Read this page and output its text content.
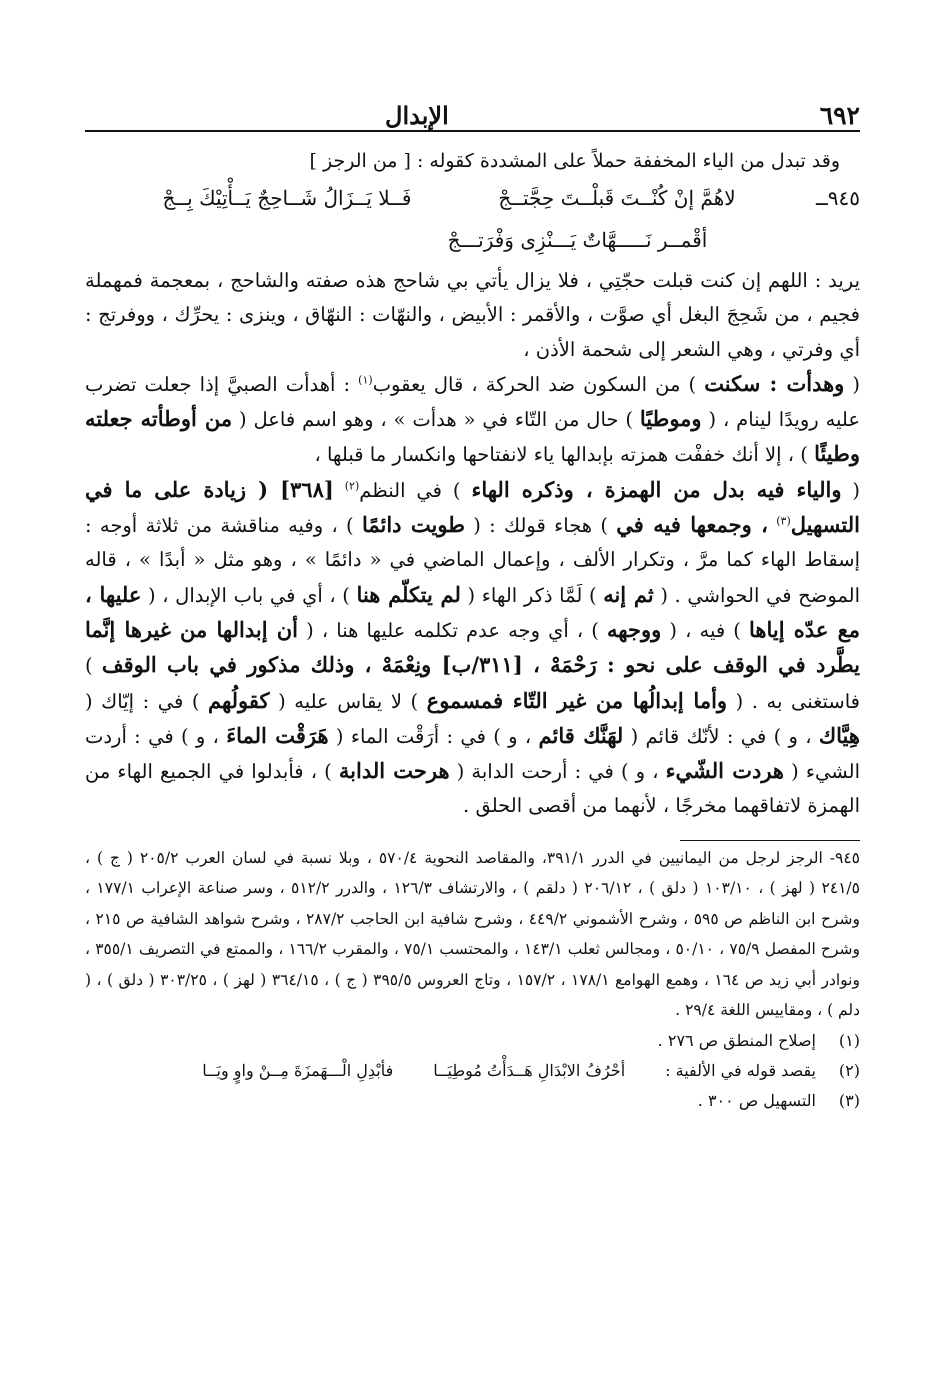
٦٩٢
الإبدال
وقد تبدل من الياء المخففة حملاً على المشددة كقوله : [ من الرجز ]
٩٤٥ــ
لاهُمَّ إنْ كُنْــتَ قَبلْــتَ حِجَّتــجْ
فَــلا يَــزَالُ شَــاحِجٌ يَــأْتِيْكَ بِــجْ
أقْمــر نَـــــهَّاتٌ يَـــنْزِى وَفْرَتـــجْ

يريد : اللهم إن كنت قبلت حجّتِي ، فلا يزال يأتي بي شاحج هذه صفته والشاحج ، بمعجمة فمهملة فجيم ، من شَحِجَ البغل أي صوَّت ، والأقمر : الأبيض ، والنهّات : النهّاق ، وينزى : يحرِّك ، ووفرتج : أي وفرتي ، وهي الشعر إلى شحمة الأذن ،

( وهدأت : سكنت ) من السكون ضد الحركة ، قال يعقوب$^{(١)}$ : أهدأت الصبيَّ إذا جعلت تضرب عليه رويدًا لينام ، ( وموطيًا ) حال من التّاء في « هدأت » ، وهو اسم فاعل ( من أوطأته جعلته وطيئًا ) ، إلا أنك خففْت همزته بإبدالها ياء لانفتاحها وانكسار ما قبلها ،

( والياء فيه بدل من الهمزة ، وذكره الهاء ) في النظم$^{(٢)}$ [٣٦٨] ( زيادة على ما في التسهيل$^{(٣)}$ ، وجمعها فيه في ) هجاء قولك : ( طويت دائمًا ) ، وفيه مناقشة من ثلاثة أوجه : إسقاط الهاء كما مرَّ ، وتكرار الألف ، وإعمال الماضي في « دائمًا » ، وهو مثل « أبدًا » ، قاله الموضح في الحواشي . ( ثم إنه ) لَمَّا ذكر الهاء ( لم يتكلّم هنا ) ، أي في باب الإبدال ، ( عليها ، مع عدّه إياها ) فيه ، ( ووجهه ) ، أي وجه عدم تكلمه عليها هنا ، ( أن إبدالها من غيرها إنَّما يطَّرد في الوقف على نحو : رَحْمَهْ ، [٣١١/ب] ونِعْمَهْ ، وذلك مذكور في باب الوقف ) فاستغنى به . ( وأما إبدالُها من غير التّاء فمسموع ) لا يقاس عليه ( كقولُهم ) في : إيّاك ( هِيَّاك ، و ) في : لأنّك قائم ( لهَنَّك قائم ، و ) في : أرَقْت الماء ( هَرَقْت الماءَ ، و ) في : أردت الشيء ( هردت الشّيء ، و ) في : أرحت الدابة ( هرحت الدابة ) ، فأبدلوا في الجميع الهاء من الهمزة لاتفاقهما مخرجًا ، لأنهما من أقصى الحلق .

٩٤٥- الرجز لرجل من اليمانيين في الدرر ٣٩١/١، والمقاصد النحوية ٥٧٠/٤ ، وبلا نسبة في لسان العرب ٢٠٥/٢ ( ج ) ، ٢٤١/٥ ( لهز ) ، ١٠٣/١٠ ( دلق ) ، ٢٠٦/١٢ ( دلقم ) ، والارتشاف ١٢٦/٣ ، والدرر ٥١٢/٢ ، وسر صناعة الإعراب ١٧٧/١ ، وشرح ابن الناظم ص ٥٩٥ ، وشرح الأشموني ٤٤٩/٢ ، وشرح شافية ابن الحاجب ٢٨٧/٢ ، وشرح شواهد الشافية ص ٢١٥ ، وشرح المفصل ٧٥/٩ ، ٥٠/١٠ ، ومجالس ثعلب ١٤٣/١ ، والمحتسب ٧٥/١ ، والمقرب ١٦٦/٢ ، والممتع في التصريف ٣٥٥/١ ، ونوادر أبي زيد ص ١٦٤ ، وهمع الهوامع ١٧٨/١ ، ١٥٧/٢ ، وتاج العروس ٣٩٥/٥ ( ج ) ، ٣٦٤/١٥ ( لهز ) ، ٣٠٣/٢٥ ( دلق ) ، ( دلم ) ، ومقاييس اللغة ٢٩/٤ .

(١)
إصلاح المنطق ص ٢٧٦ .
(٢)
يقصد قوله في الألفية :
أحْرُفُ الابْدَالِ هَــدَأْتُ مُوطِيَــا
فأبْدِلِ الْـــهَمزَةَ مِــنْ واوٍ ويَــا
(٣)
التسهيل ص ٣٠٠ .
